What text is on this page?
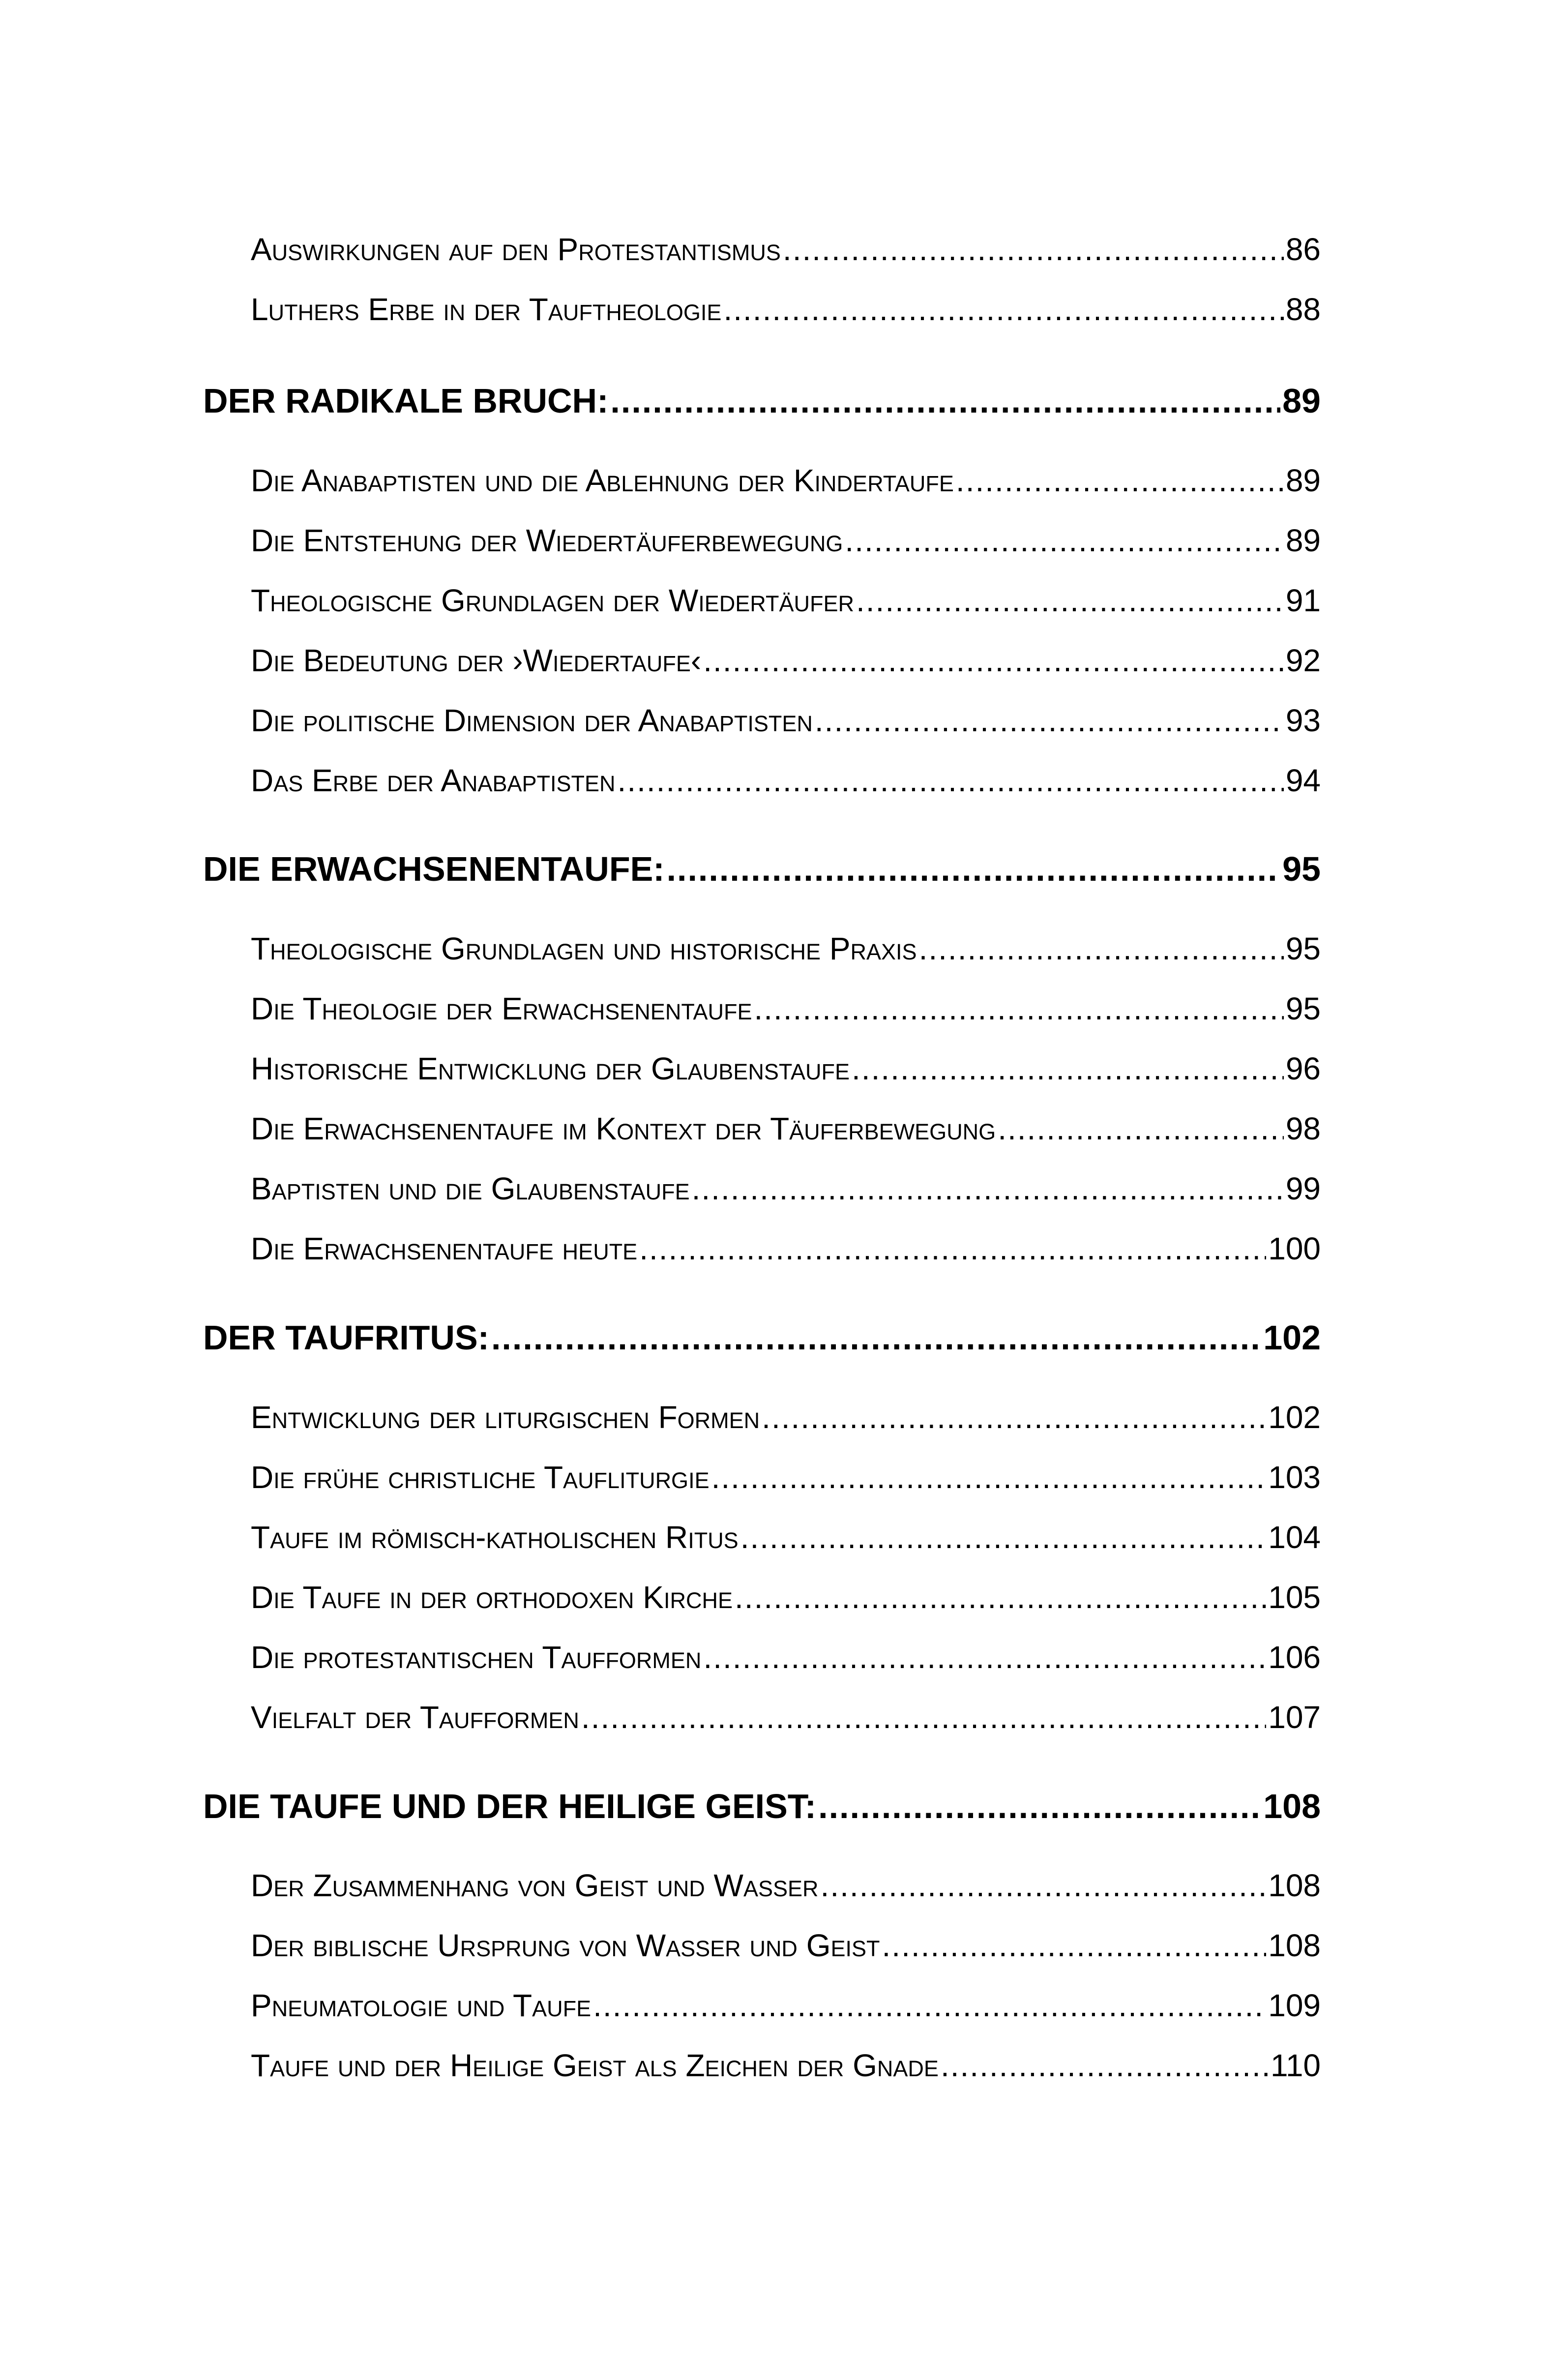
Auswirkungen auf den Protestantismus .....	86
Luthers Erbe in der Tauftheologie .....	88
DER RADIKALE BRUCH: .....	89
Die Anabaptisten und die Ablehnung der Kindertaufe .....	89
Die Entstehung der Wiedertäuferbewegung .....	89
Theologische Grundlagen der Wiedertäufer .....	91
Die Bedeutung der ›Wiedertaufe‹ .....	92
Die politische Dimension der Anabaptisten .....	93
Das Erbe der Anabaptisten .....	94
DIE ERWACHSENENTAUFE: .....	95
Theologische Grundlagen und historische Praxis .....	95
Die Theologie der Erwachsenentaufe .....	95
Historische Entwicklung der Glaubenstaufe .....	96
Die Erwachsenentaufe im Kontext der Täuferbewegung .....	98
Baptisten und die Glaubenstaufe .....	99
Die Erwachsenentaufe heute .....	100
DER TAUFRITUS: .....	102
Entwicklung der liturgischen Formen .....	102
Die frühe christliche Taufliturgie .....	103
Taufe im römisch-katholischen Ritus .....	104
Die Taufe in der orthodoxen Kirche .....	105
Die protestantischen Taufformen .....	106
Vielfalt der Taufformen .....	107
DIE TAUFE UND DER HEILIGE GEIST: .....	108
Der Zusammenhang von Geist und Wasser .....	108
Der biblische Ursprung von Wasser und Geist .....	108
Pneumatologie und Taufe .....	109
Taufe und der Heilige Geist als Zeichen der Gnade .....	110
